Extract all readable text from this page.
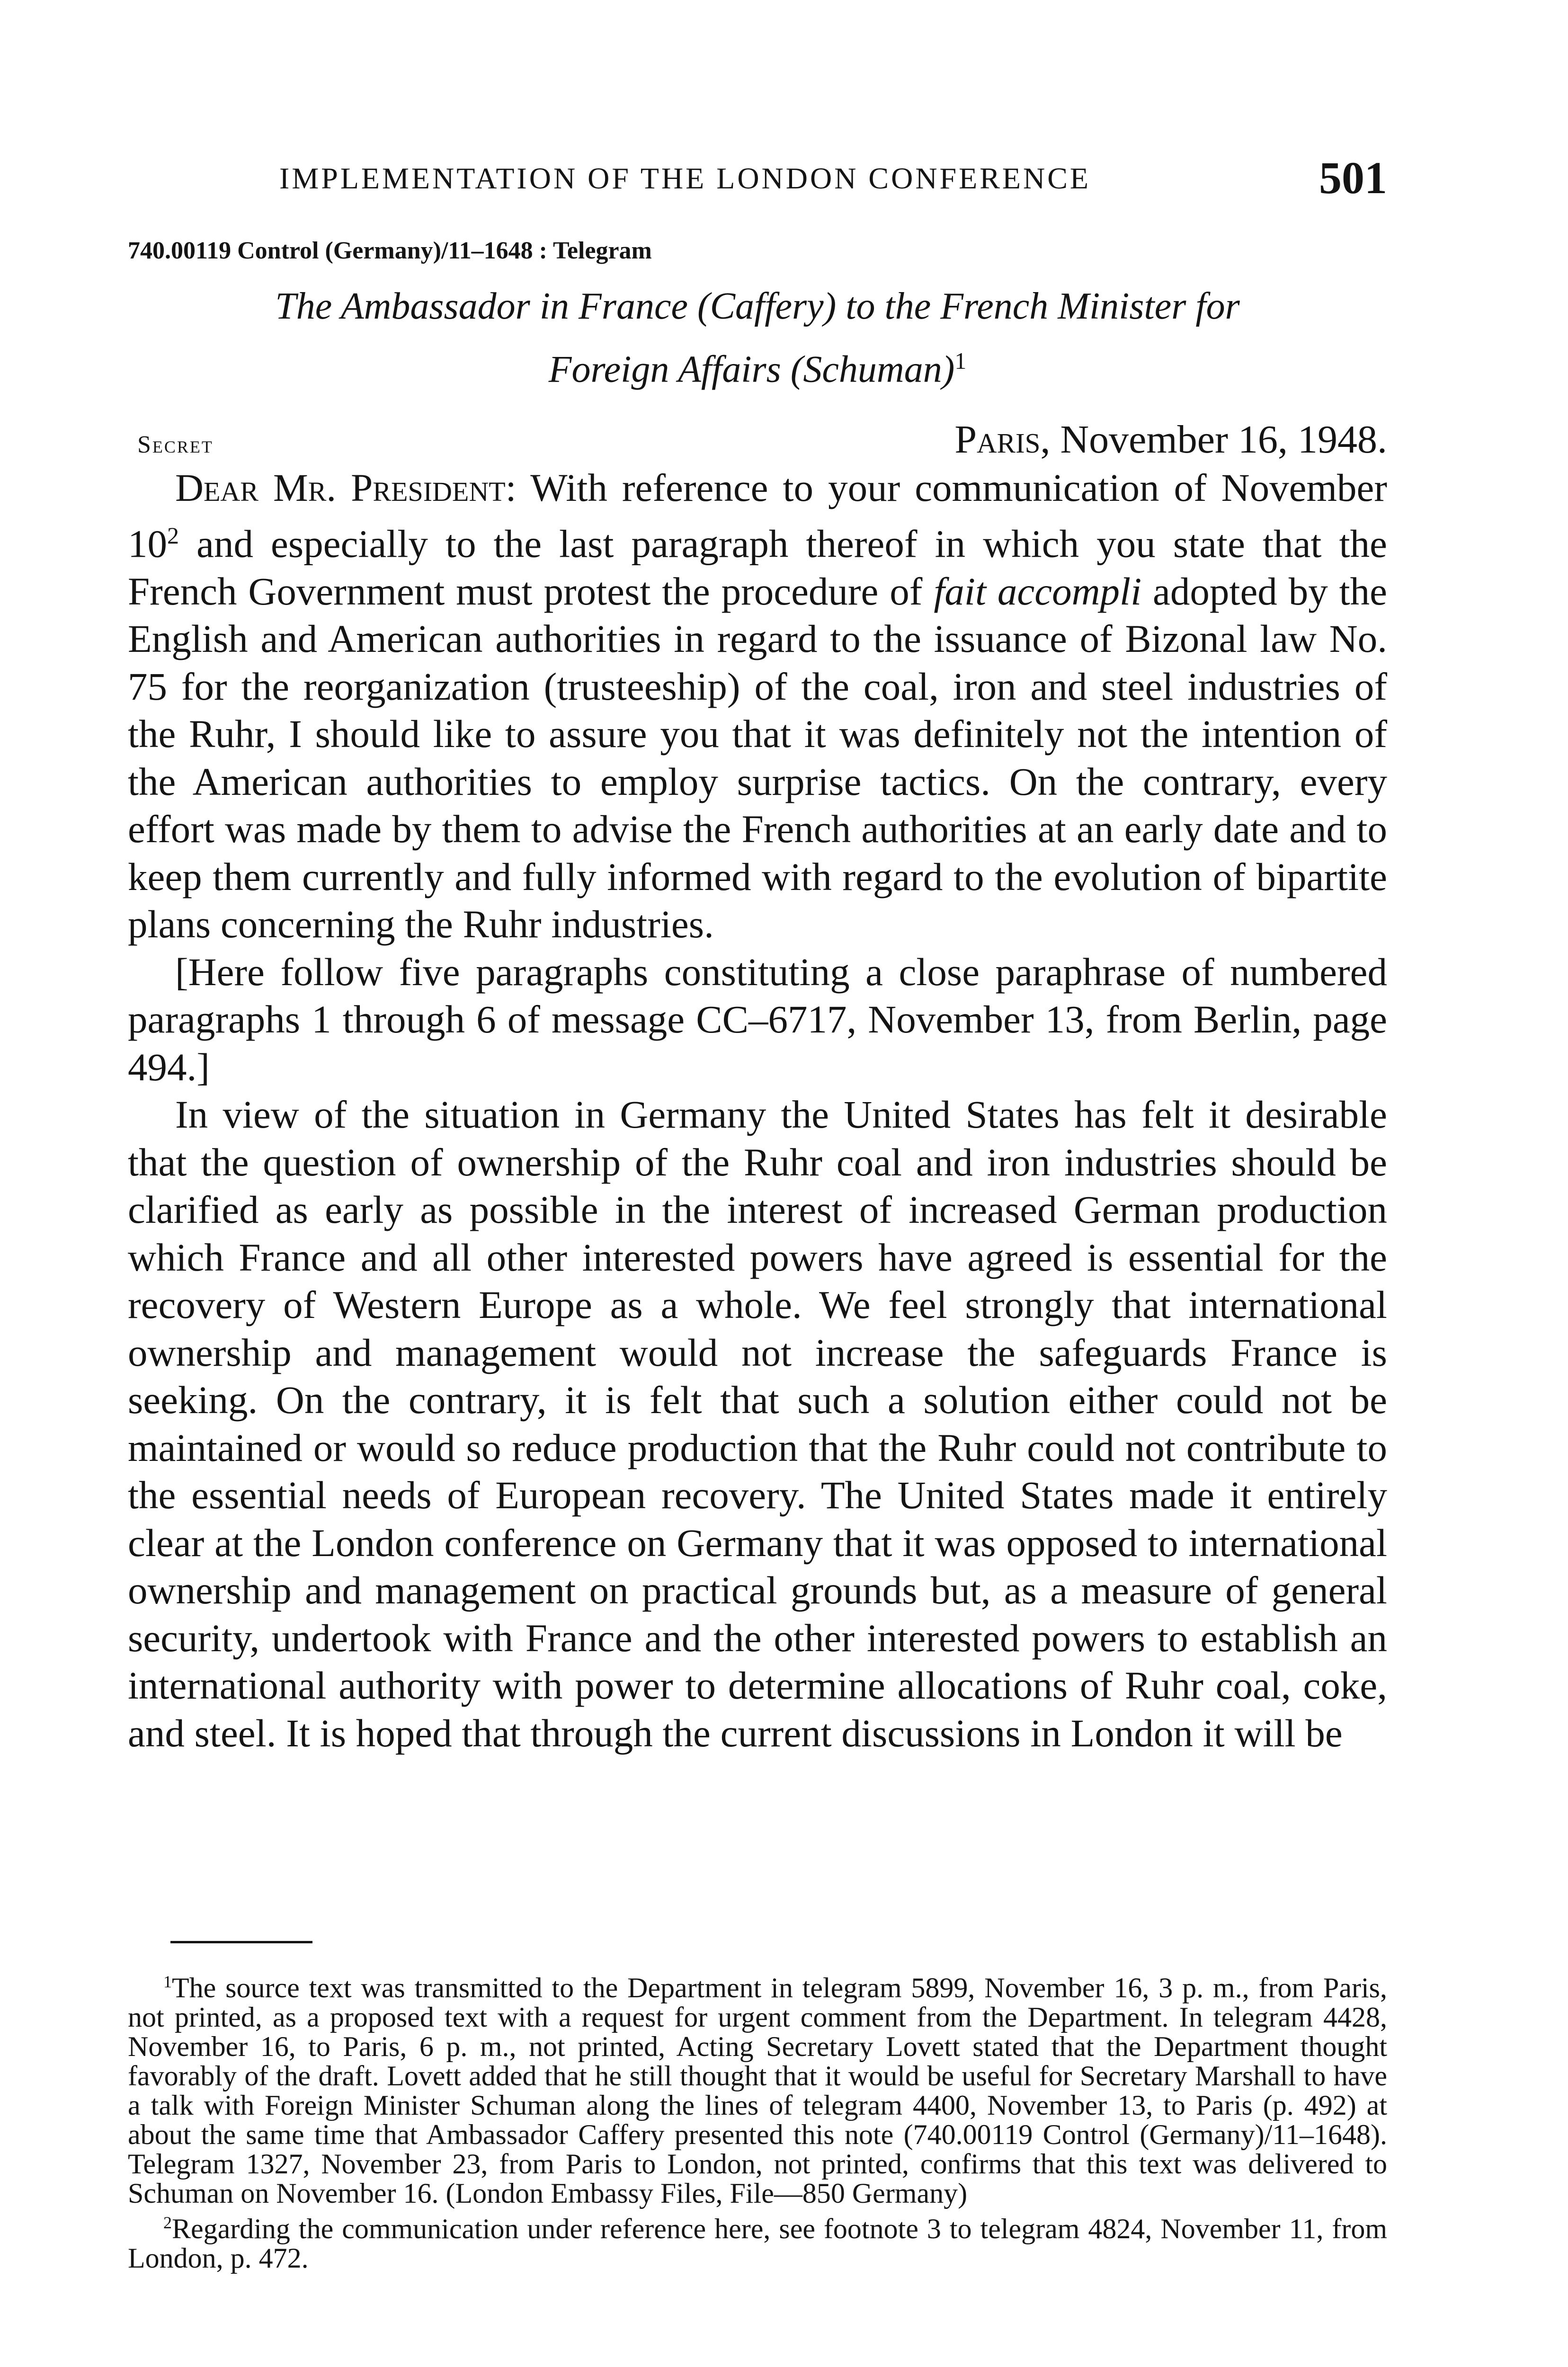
IMPLEMENTATION OF THE LONDON CONFERENCE	501
740.00119 Control (Germany)/11–1648 : Telegram
The Ambassador in France (Caffery) to the French Minister for
Foreign Affairs (Schuman)$^1$
Secret	Paris, November 16, 1948.

Dear Mr. President: With reference to your communication of November $10^2$ and especially to the last paragraph thereof in which you state that the French Government must protest the procedure of fait accompli adopted by the English and American authorities in regard to the issuance of Bizonal law No. 75 for the reorganization (trusteeship) of the coal, iron and steel industries of the Ruhr, I should like to assure you that it was definitely not the intention of the American authorities to employ surprise tactics. On the contrary, every effort was made by them to advise the French authorities at an early date and to keep them currently and fully informed with regard to the evolution of bipartite plans concerning the Ruhr industries.

[Here follow five paragraphs constituting a close paraphrase of numbered paragraphs 1 through 6 of message CC–6717, November 13, from Berlin, page 494.]

In view of the situation in Germany the United States has felt it desirable that the question of ownership of the Ruhr coal and iron industries should be clarified as early as possible in the interest of increased German production which France and all other interested powers have agreed is essential for the recovery of Western Europe as a whole. We feel strongly that international ownership and management would not increase the safeguards France is seeking. On the contrary, it is felt that such a solution either could not be maintained or would so reduce production that the Ruhr could not contribute to the essential needs of European recovery. The United States made it entirely clear at the London conference on Germany that it was opposed to international ownership and management on practical grounds but, as a measure of general security, undertook with France and the other interested powers to establish an international authority with power to determine allocations of Ruhr coal, coke, and steel. It is hoped that through the current discussions in London it will be

$^1$The source text was transmitted to the Department in telegram 5899, November 16, 3 p. m., from Paris, not printed, as a proposed text with a request for urgent comment from the Department. In telegram 4428, November 16, to Paris, 6 p. m., not printed, Acting Secretary Lovett stated that the Department thought favorably of the draft. Lovett added that he still thought that it would be useful for Secretary Marshall to have a talk with Foreign Minister Schuman along the lines of telegram 4400, November 13, to Paris (p. 492) at about the same time that Ambassador Caffery presented this note (740.00119 Control (Germany)/11–1648). Telegram 1327, November 23, from Paris to London, not printed, confirms that this text was delivered to Schuman on November 16. (London Embassy Files, File—850 Germany)

$^2$Regarding the communication under reference here, see footnote 3 to telegram 4824, November 11, from London, p. 472.
